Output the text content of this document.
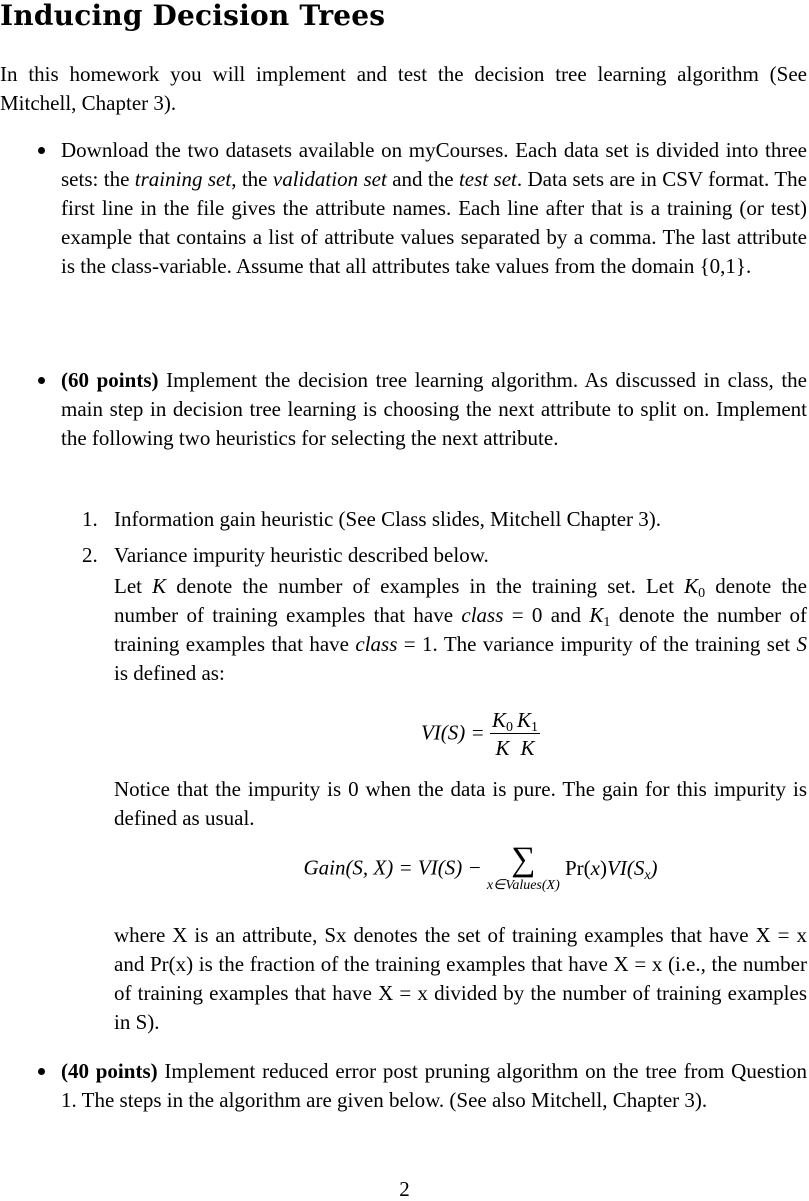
Inducing Decision Trees

In this homework you will implement and test the decision tree learning algorithm (See Mitchell, Chapter 3).

Download the two datasets available on myCourses. Each data set is divided into three sets: the training set, the validation set and the test set. Data sets are in CSV format. The first line in the file gives the attribute names. Each line after that is a training (or test) example that contains a list of attribute values separated by a comma. The last attribute is the class-variable. Assume that all attributes take values from the domain {0,1}.

(60 points) Implement the decision tree learning algorithm. As discussed in class, the main step in decision tree learning is choosing the next attribute to split on. Implement the following two heuristics for selecting the next attribute.

1. Information gain heuristic (See Class slides, Mitchell Chapter 3).

2. Variance impurity heuristic described below.

Let K denote the number of examples in the training set. Let $K_0$ denote the number of training examples that have class = 0 and $K_1$ denote the number of training examples that have class = 1. The variance impurity of the training set S is defined as:

$VI(S) = \frac{K_0}{K} \frac{K_1}{K}$

Notice that the impurity is 0 when the data is pure. The gain for this impurity is defined as usual.

Gain(S, X) = VI(S) − ∑
x∈Values(X)
$Pr(x)VI(S_x)$

where X is an attribute, Sx denotes the set of training examples that have X = x and Pr(x) is the fraction of the training examples that have X = x (i.e., the number of training examples that have X = x divided by the number of training examples in S).

(40 points) Implement reduced error post pruning algorithm on the tree from Question 1. The steps in the algorithm are given below. (See also Mitchell, Chapter 3).

2
